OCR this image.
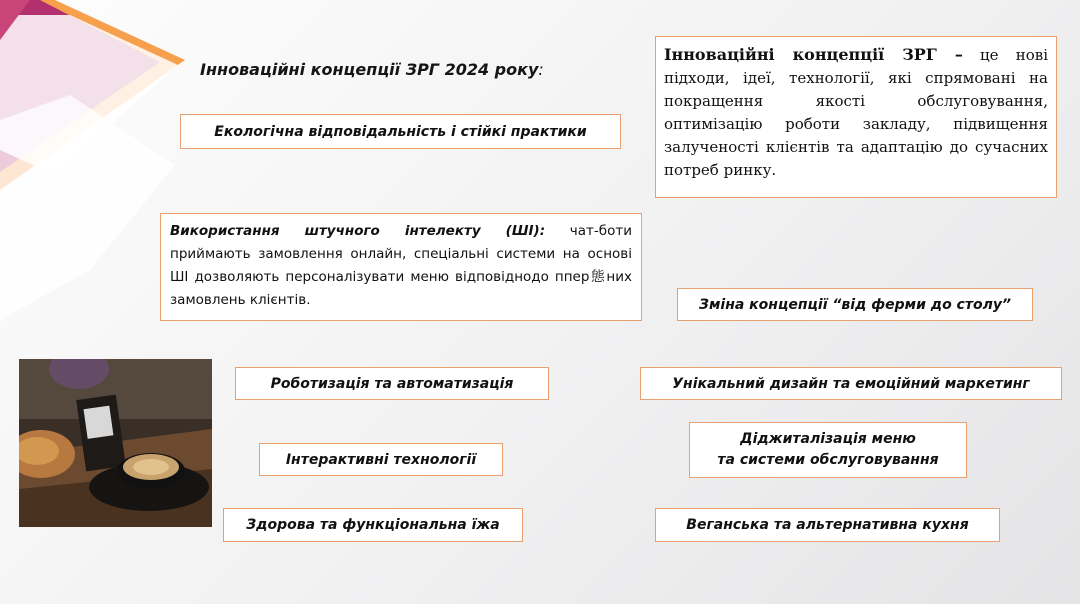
Інноваційні концепції ЗРГ 2024 року:
Інноваційні концепції ЗРГ – це нові підходи, ідеї, технології, які спрямовані на покращення якості обслуговування, оптимізацію роботи закладу, підвищення залученості клієнтів та адаптацію до сучасних потреб ринку.
Екологічна відповідальність і стійкі практики
Використання штучного інтелекту (ШІ): чат-боти приймають замовлення онлайн, спеціальні системи на основі ШІ дозволяють персоналізувати меню відповіднодо ппер態них замовлень клієнтів.	Зміна концепції “від ферми до столу”
Роботизація та автоматизація	Унікальний дизайн та емоційний маркетинг
Інтерактивні технології
Діджиталізація меню
та системи обслуговування
Здорова та функціональна їжа	Веганська та альтернативна кухня
